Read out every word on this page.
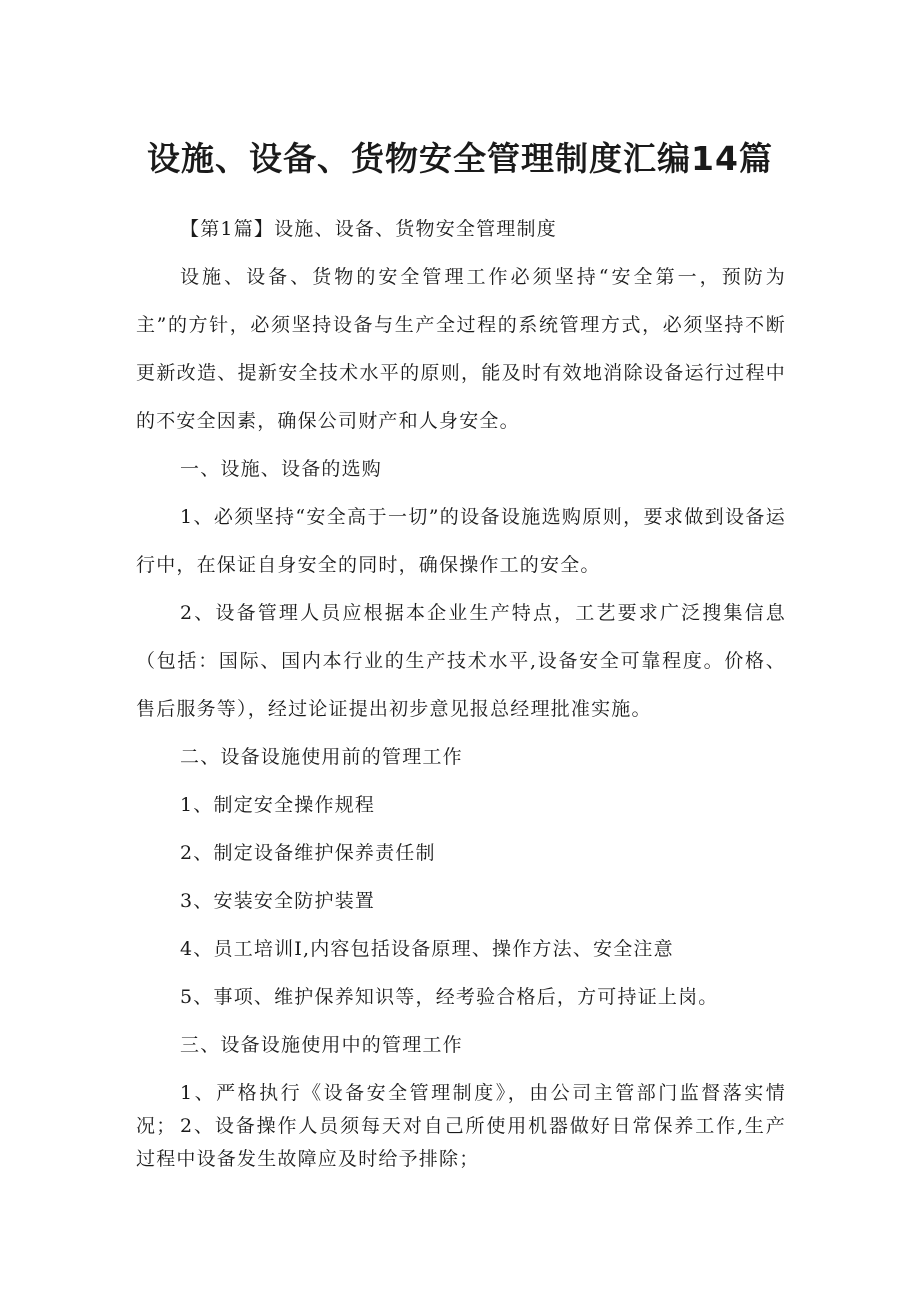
设施、设备、货物安全管理制度汇编14篇

【第1篇】设施、设备、货物安全管理制度

设施、设备、货物的安全管理工作必须坚持“安全第一，预防为主”的方针，必须坚持设备与生产全过程的系统管理方式，必须坚持不断更新改造、提新安全技术水平的原则，能及时有效地消除设备运行过程中的不安全因素，确保公司财产和人身安全。

一、设施、设备的选购

1、必须坚持“安全高于一切”的设备设施选购原则，要求做到设备运行中，在保证自身安全的同时，确保操作工的安全。

2、设备管理人员应根据本企业生产特点，工艺要求广泛搜集信息（包括：国际、国内本行业的生产技术水平,设备安全可靠程度。价格、售后服务等），经过论证提出初步意见报总经理批准实施。

二、设备设施使用前的管理工作

1、制定安全操作规程

2、制定设备维护保养责任制

3、安装安全防护装置

4、员工培训I,内容包括设备原理、操作方法、安全注意

5、事项、维护保养知识等，经考验合格后，方可持证上岗。

三、设备设施使用中的管理工作

1、严格执行《设备安全管理制度》，由公司主管部门监督落实情况； 2、设备操作人员须每天对自己所使用机器做好日常保养工作,生产过程中设备发生故障应及时给予排除；
